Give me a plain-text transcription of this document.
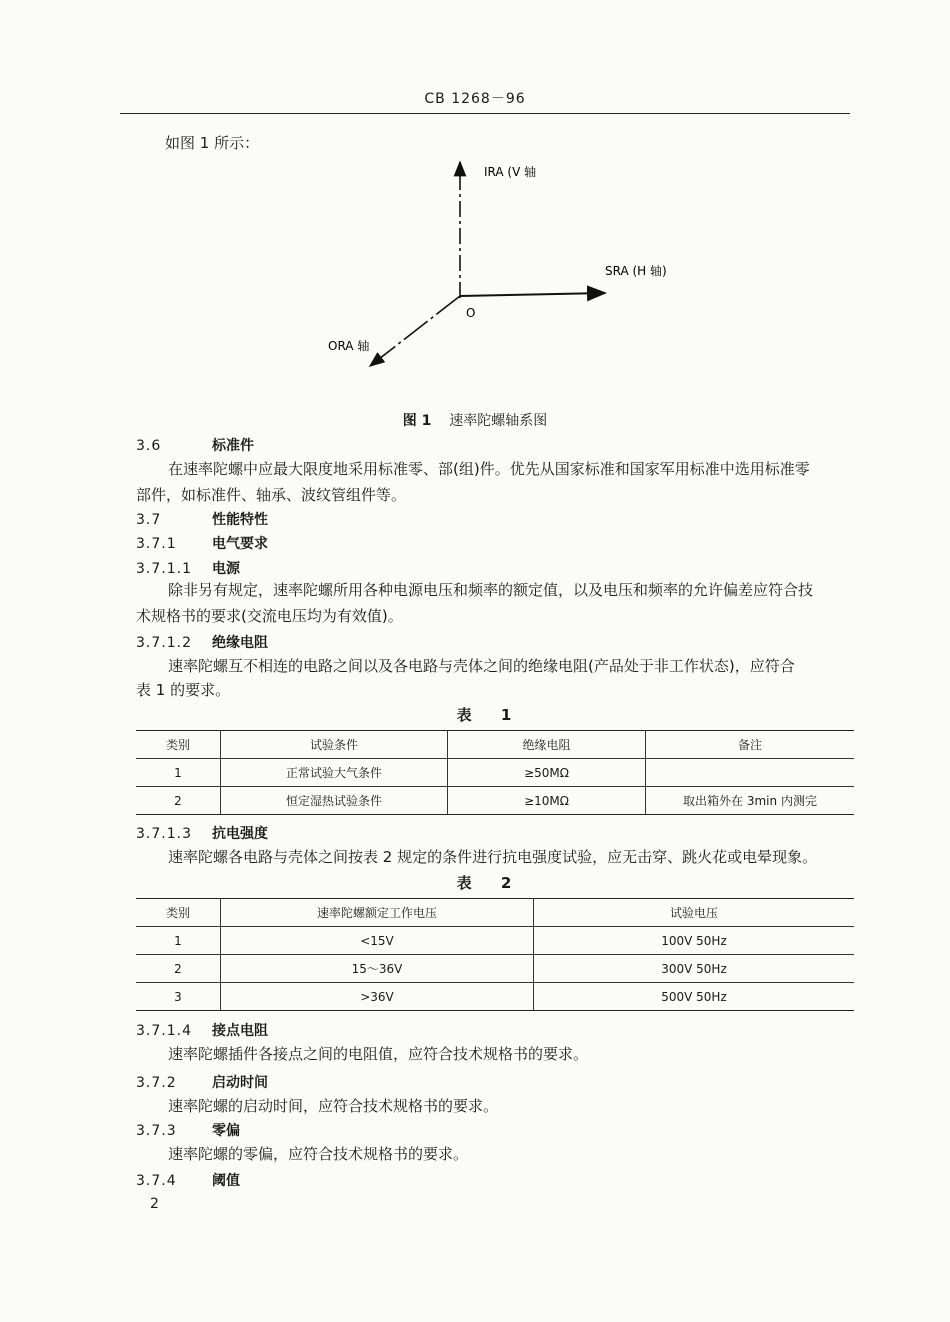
CB 1268－96
如图 1 所示：
IRA (V 轴
SRA (H 轴)
ORA 轴
O
图 1 速率陀螺轴系图
3.6	标准件
在速率陀螺中应最大限度地采用标准零、部(组)件。优先从国家标准和国家军用标准中选用标准零
部件，如标准件、轴承、波纹管组件等。
3.7	性能特性
3.7.1	电气要求
3.7.1.1 电源
除非另有规定，速率陀螺所用各种电源电压和频率的额定值，以及电压和频率的允许偏差应符合技
术规格书的要求(交流电压均为有效值)。
3.7.1.2 绝缘电阻
速率陀螺互不相连的电路之间以及各电路与壳体之间的绝缘电阻(产品处于非工作状态)，应符合
表 1 的要求。
表 1
类别	试验条件	绝缘电阻	备注
1	正常试验大气条件	≥50MΩ	
2	恒定湿热试验条件	≥10MΩ	取出箱外在 3min 内测完
3.7.1.3 抗电强度
速率陀螺各电路与壳体之间按表 2 规定的条件进行抗电强度试验，应无击穿、跳火花或电晕现象。
表 2
类别	速率陀螺额定工作电压	试验电压
1	<15V	100V 50Hz
2	15～36V	300V 50Hz
3	>36V	500V 50Hz
3.7.1.4 接点电阻
速率陀螺插件各接点之间的电阻值，应符合技术规格书的要求。
3.7.2	启动时间
速率陀螺的启动时间，应符合技术规格书的要求。
3.7.3	零偏
速率陀螺的零偏，应符合技术规格书的要求。
3.7.4	阈值
2
